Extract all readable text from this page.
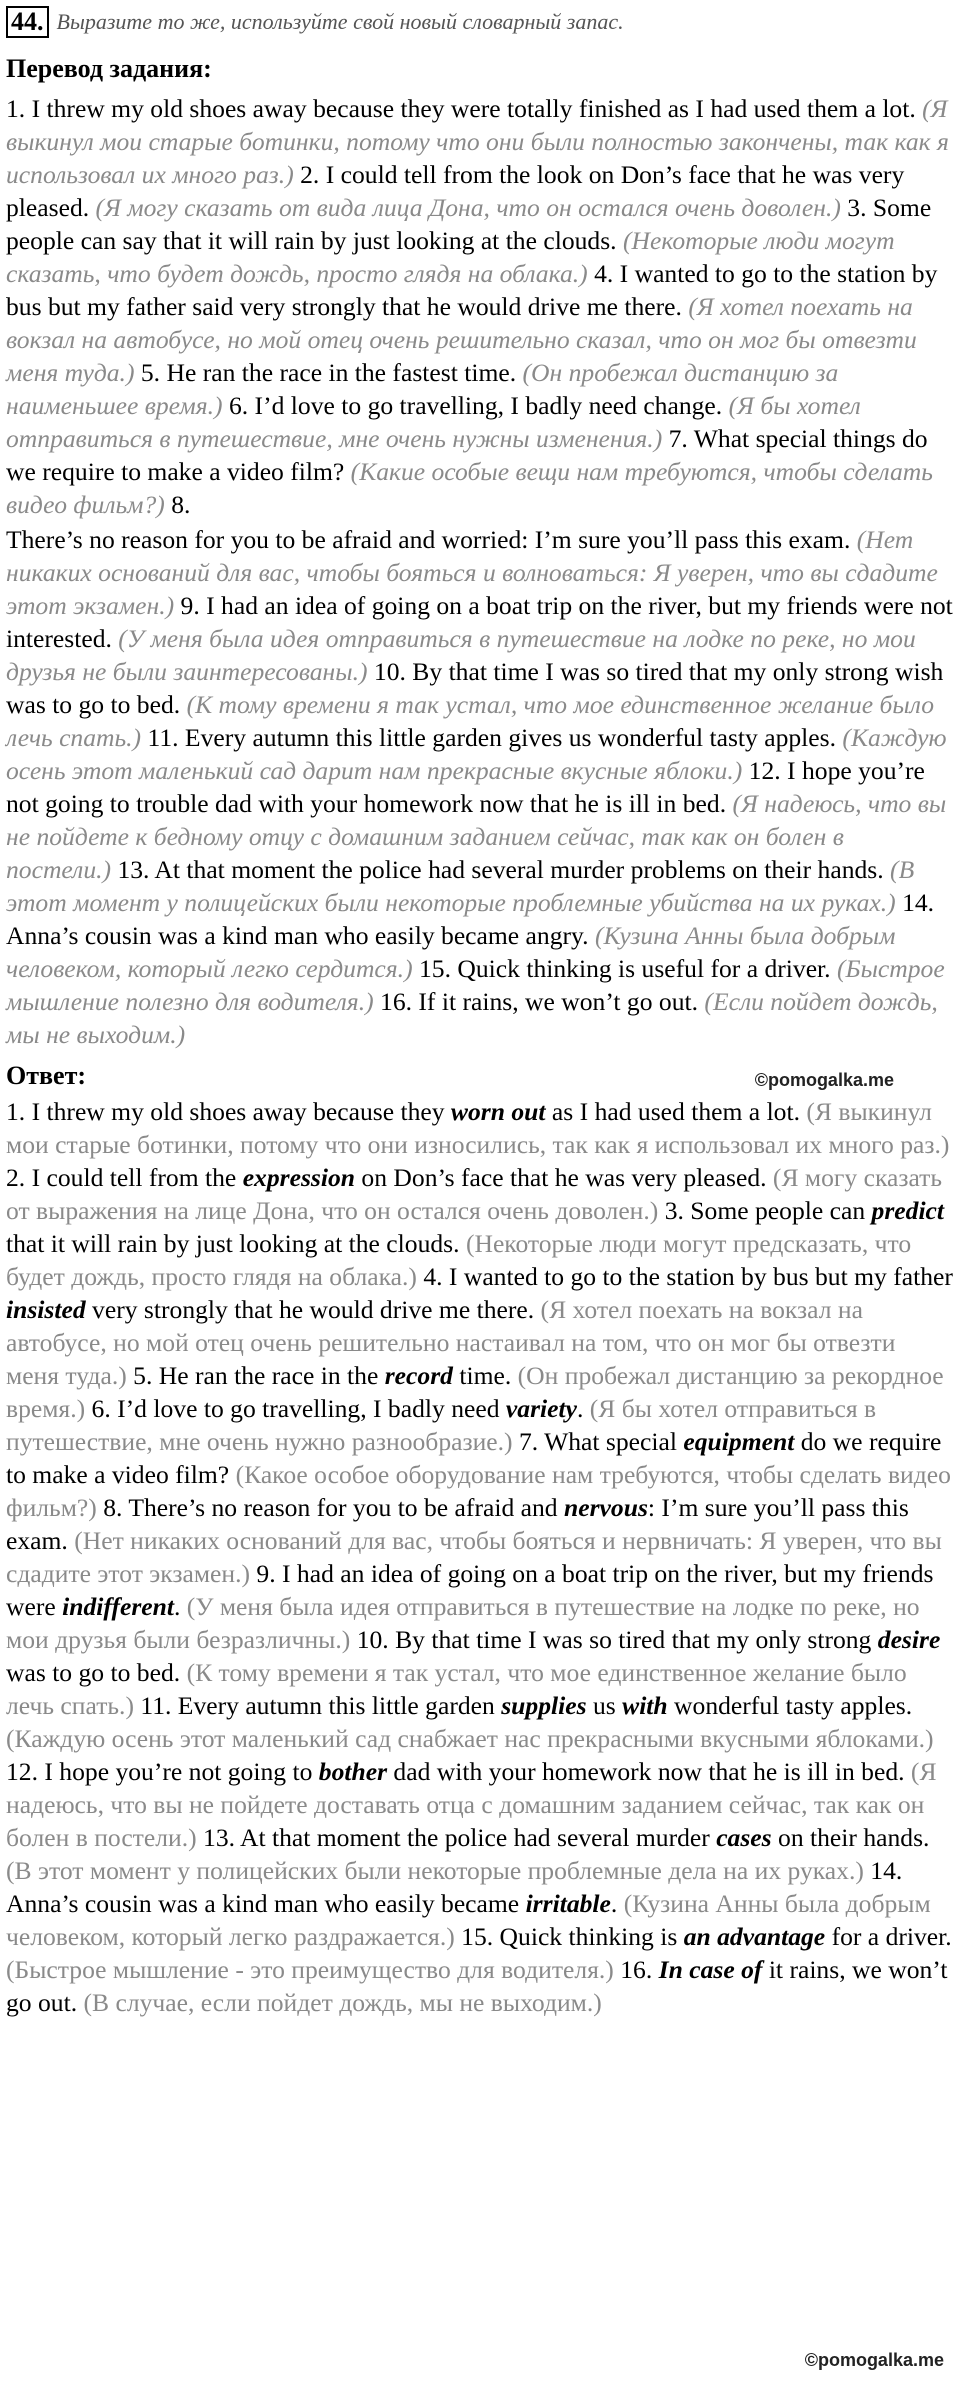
44. Выразите то же, используйте свой новый словарный запас.
Перевод задания:

1. I threw my old shoes away because they were totally finished as I had used them a lot. (Я выкинул мои старые ботинки, потому что они были полностью закончены, так как я использовал их много раз.) 2. I could tell from the look on Don’s face that he was very pleased. (Я могу сказать от вида лица Дона, что он остался очень доволен.) 3. Some people can say that it will rain by just looking at the clouds. (Некоторые люди могут сказать, что будет дождь, просто глядя на облака.) 4. I wanted to go to the station by bus but my father said very strongly that he would drive me there. (Я хотел поехать на вокзал на автобусе, но мой отец очень решительно сказал, что он мог бы отвезти меня туда.) 5. He ran the race in the fastest time. (Он пробежал дистанцию за наименьшее время.) 6. I’d love to go travelling, I badly need change. (Я бы хотел отправиться в путешествие, мне очень нужны изменения.) 7. What special things do we require to make a video film? (Какие особые вещи нам требуются, чтобы сделать видео фильм?) 8.

There’s no reason for you to be afraid and worried: I’m sure you’ll pass this exam. (Нет никаких оснований для вас, чтобы бояться и волноваться: Я уверен, что вы сдадите этот экзамен.) 9. I had an idea of going on a boat trip on the river, but my friends were not interested. (У меня была идея отправиться в путешествие на лодке по реке, но мои друзья не были заинтересованы.) 10. By that time I was so tired that my only strong wish was to go to bed. (К тому времени я так устал, что мое единственное желание было лечь спать.) 11. Every autumn this little garden gives us wonderful tasty apples. (Каждую осень этот маленький сад дарит нам прекрасные вкусные яблоки.) 12. I hope you’re not going to trouble dad with your homework now that he is ill in bed. (Я надеюсь, что вы не пойдете к бедному отцу с домашним заданием сейчас, так как он болен в постели.) 13. At that moment the police had several murder problems on their hands. (В этот момент у полицейских были некоторые проблемные убийства на их руках.) 14. Anna’s cousin was a kind man who easily became angry. (Кузина Анны была добрым человеком, который легко сердится.) 15. Quick thinking is useful for a driver. (Быстрое мышление полезно для водителя.) 16. If it rains, we won’t go out. (Если пойдет дождь, мы не выходим.)

Ответ:	©pomogalka.me

1. I threw my old shoes away because they worn out as I had used them a lot. (Я выкинул мои старые ботинки, потому что они износились, так как я использовал их много раз.) 2. I could tell from the expression on Don’s face that he was very pleased. (Я могу сказать от выражения на лице Дона, что он остался очень доволен.) 3. Some people can predict that it will rain by just looking at the clouds. (Некоторые люди могут предсказать, что будет дождь, просто глядя на облака.) 4. I wanted to go to the station by bus but my father insisted very strongly that he would drive me there. (Я хотел поехать на вокзал на автобусе, но мой отец очень решительно настаивал на том, что он мог бы отвезти меня туда.) 5. He ran the race in the record time. (Он пробежал дистанцию за рекордное время.) 6. I’d love to go travelling, I badly need variety. (Я бы хотел отправиться в путешествие, мне очень нужно разнообразие.) 7. What special equipment do we require to make a video film? (Какое особое оборудование нам требуются, чтобы сделать видео фильм?) 8. There’s no reason for you to be afraid and nervous: I’m sure you’ll pass this exam. (Нет никаких оснований для вас, чтобы бояться и нервничать: Я уверен, что вы сдадите этот экзамен.) 9. I had an idea of going on a boat trip on the river, but my friends were indifferent. (У меня была идея отправиться в путешествие на лодке по реке, но мои друзья были безразличны.) 10. By that time I was so tired that my only strong desire was to go to bed. (К тому времени я так устал, что мое единственное желание было лечь спать.) 11. Every autumn this little garden supplies us with wonderful tasty apples. (Каждую осень этот маленький сад снабжает нас прекрасными вкусными яблоками.) 12. I hope you’re not going to bother dad with your homework now that he is ill in bed. (Я надеюсь, что вы не пойдете доставать отца с домашним заданием сейчас, так как он болен в постели.) 13. At that moment the police had several murder cases on their hands. (В этот момент у полицейских были некоторые проблемные дела на их руках.) 14. Anna’s cousin was a kind man who easily became irritable. (Кузина Анны была добрым человеком, который легко раздражается.) 15. Quick thinking is an advantage for a driver. (Быстрое мышление - это преимущество для водителя.) 16. In case of it rains, we won’t go out. (В случае, если пойдет дождь, мы не выходим.)

©pomogalka.me
